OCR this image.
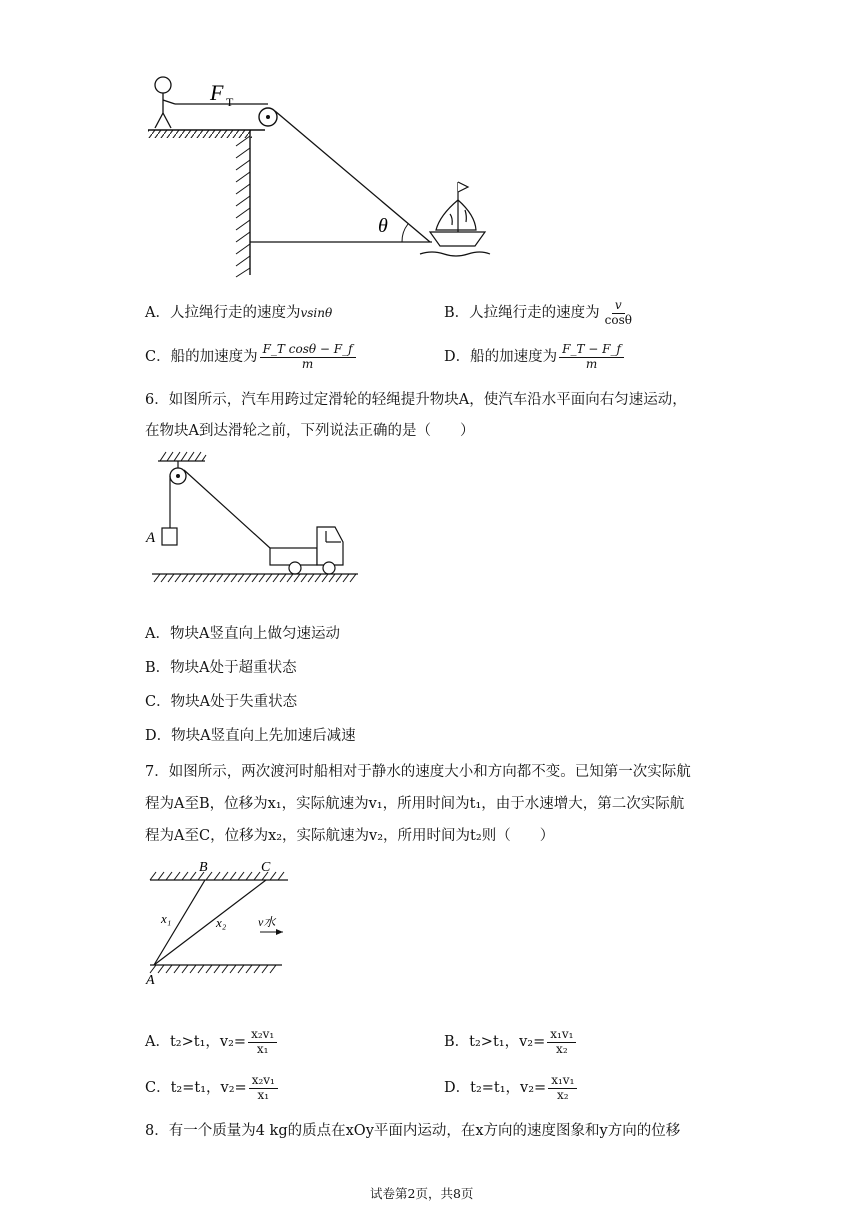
F T
θ
A．人拉绳行走的速度为vsinθ	B．人拉绳行走的速度为 $\frac{v}{\cos\theta}$
C．船的加速度为 $\frac{\text{F\_T cosθ − F\_f}}{m}$	D．船的加速度为 $\frac{F\_T - F\_f}{m}$
6．如图所示，汽车用跨过定滑轮的轻绳提升物块A，使汽车沿水平面向右匀速运动，
在物块A到达滑轮之前，下列说法正确的是（　　）
A
A．物块A竖直向上做匀速运动
B．物块A处于超重状态
C．物块A处于失重状态
D．物块A竖直向上先加速后减速
7．如图所示，两次渡河时船相对于静水的速度大小和方向都不变。已知第一次实际航
程为A至B，位移为x₁，实际航速为v₁，所用时间为t₁，由于水速增大，第二次实际航
程为A至C，位移为x₂，实际航速为v₂，所用时间为t₂则（　　）
B	C
A
x₁	x₂	v水
A．t₂>t₁，$v_2= \frac{\text{x₂v₁}}{\text{x₁}}$	B．t₂>t₁，$v_2= \frac{\text{x₁v₁}}{\text{x₂}}$
C．t₂=t₁，$v_2= \frac{\text{x₂v₁}}{\text{x₁}}$	D．t₂=t₁，$v_2= \frac{\text{x₁v₁}}{\text{x₂}}$
8．有一个质量为4 kg的质点在xOy平面内运动，在x方向的速度图象和y方向的位移
试卷第2页，共8页
